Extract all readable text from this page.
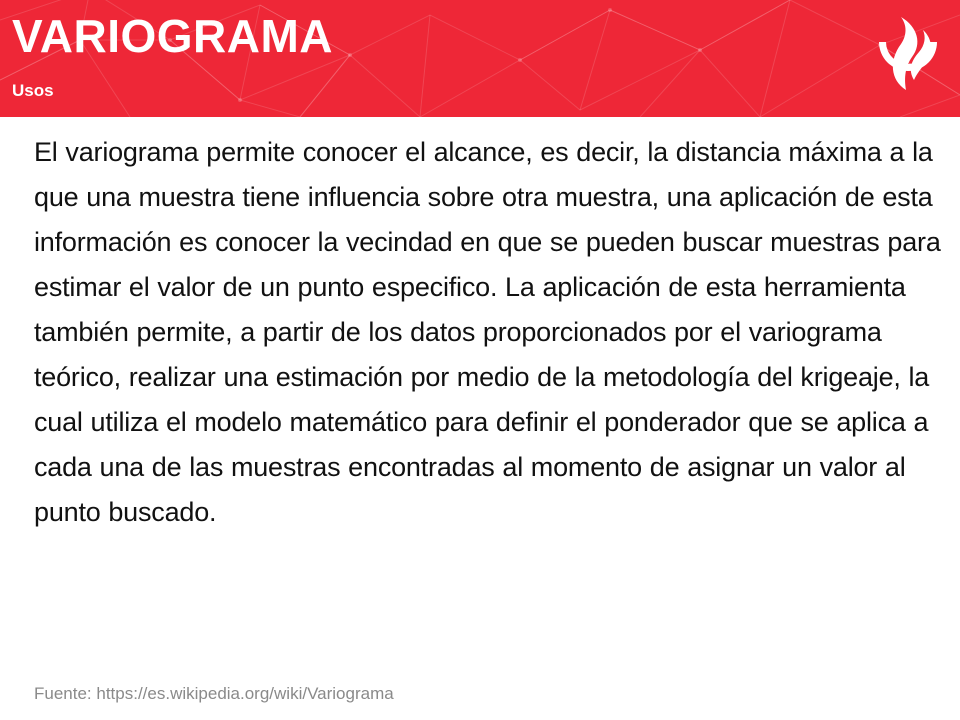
VARIOGRAMA

Usos

El variograma permite conocer el alcance, es decir, la distancia máxima a la que una muestra tiene influencia sobre otra muestra, una aplicación de esta información es conocer la vecindad en que se pueden buscar muestras para estimar el valor de un punto especifico. La aplicación de esta herramienta también permite, a partir de los datos proporcionados por el variograma teórico, realizar una estimación por medio de la metodología del krigeaje, la cual utiliza el modelo matemático para definir el ponderador que se aplica a cada una de las muestras encontradas al momento de asignar un valor al punto buscado.

Fuente: https://es.wikipedia.org/wiki/Variograma
